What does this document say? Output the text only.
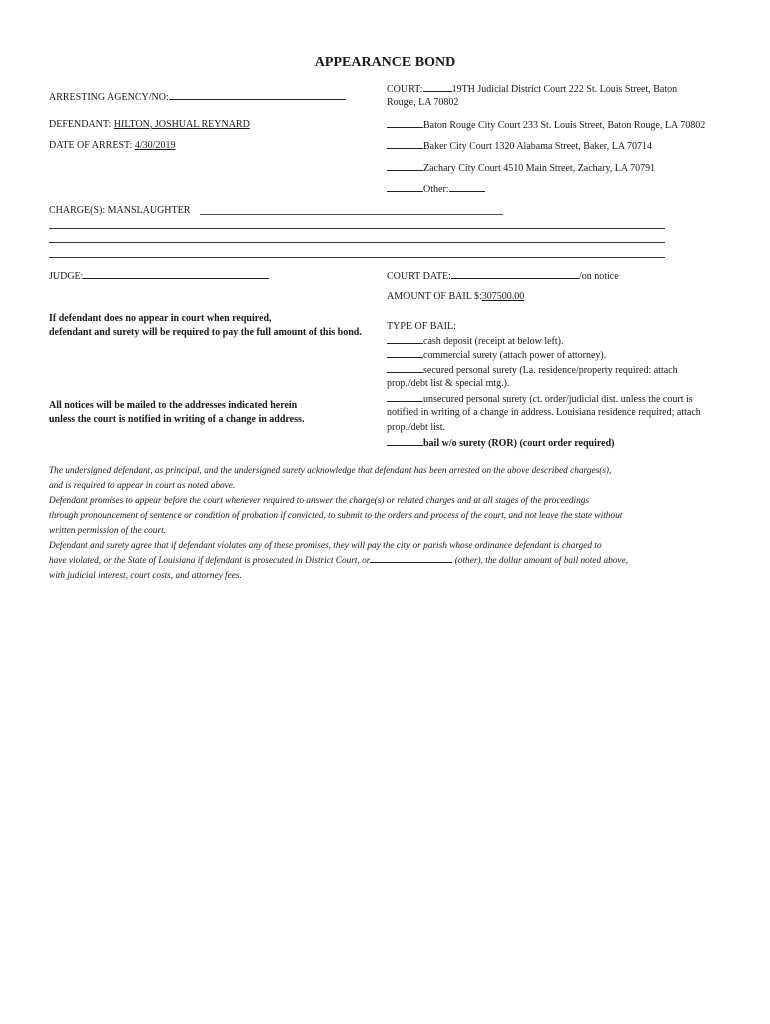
APPEARANCE BOND
ARRESTING AGENCY/NO:
DEFENDANT: HILTON, JOSHUAL REYNARD
DATE OF ARREST: 4/30/2019
COURT:	19TH Judicial District Court 222 St. Louis Street, Baton
Rouge, LA 70802
Baton Rouge City Court 233 St. Louis Street, Baton Rouge, LA 70802
Baker City Court 1320 Alabama Street, Baker, LA 70714
Zachary City Court 4510 Main Street, Zachary, LA 70791
Other:
CHARGE(S): MANSLAUGHTER
JUDGE:	COURT DATE:	/on notice
AMOUNT OF BAIL $:307500.00
If defendant does no appear in court when required,
defendant and surety will be required to pay the full amount of this bond.
All notices will be mailed to the addresses indicated herein
unless the court is notified in writing of a change in address.
TYPE OF BAIL:
cash deposit (receipt at below left).
commercial surety (attach power of attorney).
secured personal surety (La. residence/property required: attach
prop./debt list & special mtg.).
unsecured personal surety (ct. order/judicial dist. unless the court is
notified in writing of a change in address. Louisiana residence required; attach
prop./debt list.
bail w/o surety (ROR) (court order required)
The undersigned defendant, as principal, and the undersigned surety acknowledge that defendant has been arrested on the above described charges(s),
and is required to appear in court as noted above.
Defendant promises to appear before the court whenever required to answer the charge(s) or related charges and at all stages of the proceedings
through pronouncement of sentence or condition of probation if convicted, to submit to the orders and process of the court, and not leave the state without
written permission of the court.
Defendant and surety agree that if defendant violates any of these promises, they will pay the city or parish whose ordinance defendant is charged to
have violated, or the State of Louisiana if defendant is prosecuted in District Court, or	(other), the dollar amount of bail noted above,
with judicial interest, court costs, and attorney fees.
